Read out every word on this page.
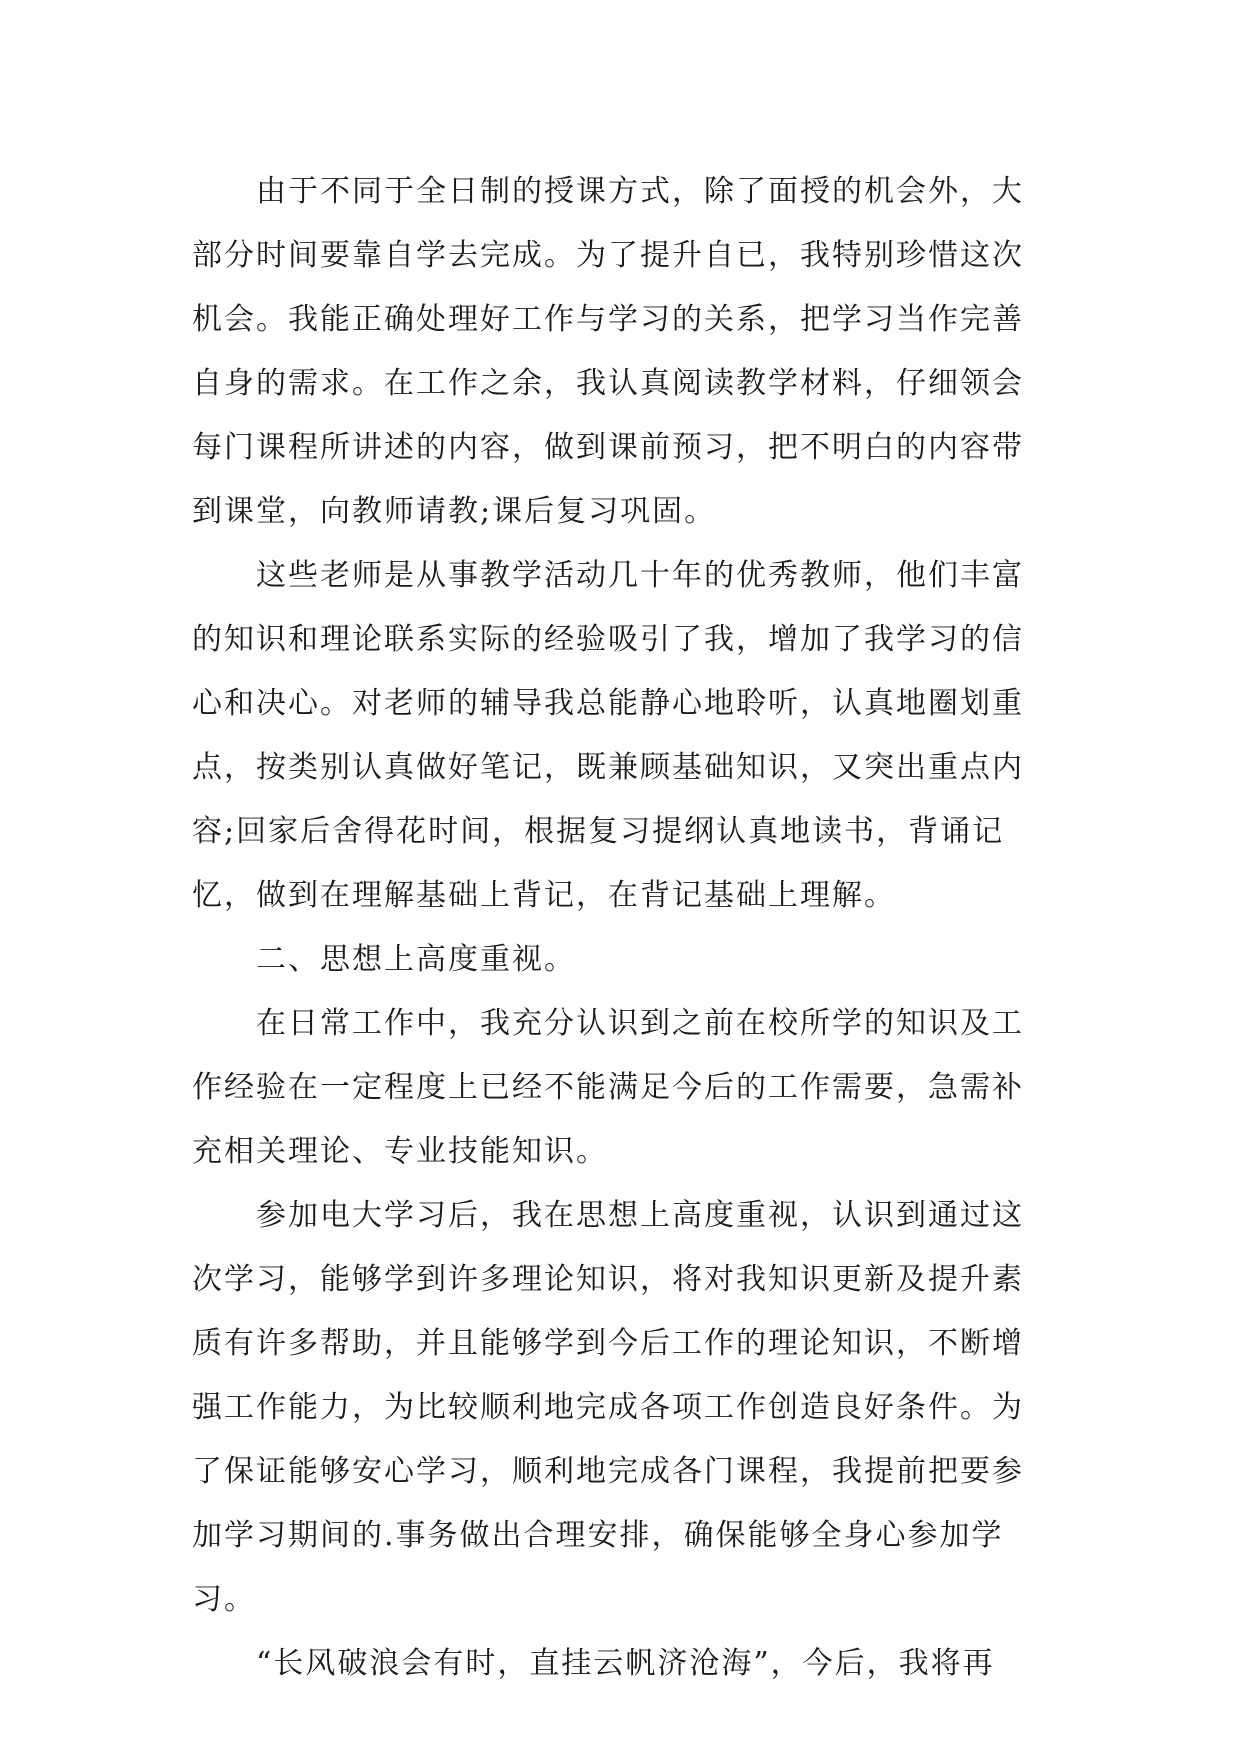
由于不同于全日制的授课方式，除了面授的机会外，大
部分时间要靠自学去完成。为了提升自已，我特别珍惜这次
机会。我能正确处理好工作与学习的关系，把学习当作完善
自身的需求。在工作之余，我认真阅读教学材料，仔细领会
每门课程所讲述的内容，做到课前预习，把不明白的内容带
到课堂，向教师请教;课后复习巩固。
这些老师是从事教学活动几十年的优秀教师，他们丰富
的知识和理论联系实际的经验吸引了我，增加了我学习的信
心和决心。对老师的辅导我总能静心地聆听，认真地圈划重
点，按类别认真做好笔记，既兼顾基础知识，又突出重点内
容;回家后舍得花时间，根据复习提纲认真地读书，背诵记
忆，做到在理解基础上背记，在背记基础上理解。
二、思想上高度重视。
在日常工作中，我充分认识到之前在校所学的知识及工
作经验在一定程度上已经不能满足今后的工作需要，急需补
充相关理论、专业技能知识。
参加电大学习后，我在思想上高度重视，认识到通过这
次学习，能够学到许多理论知识，将对我知识更新及提升素
质有许多帮助，并且能够学到今后工作的理论知识，不断增
强工作能力，为比较顺利地完成各项工作创造良好条件。为
了保证能够安心学习，顺利地完成各门课程，我提前把要参
加学习期间的.事务做出合理安排，确保能够全身心参加学
习。
“长风破浪会有时，直挂云帆济沧海”，今后，我将再
